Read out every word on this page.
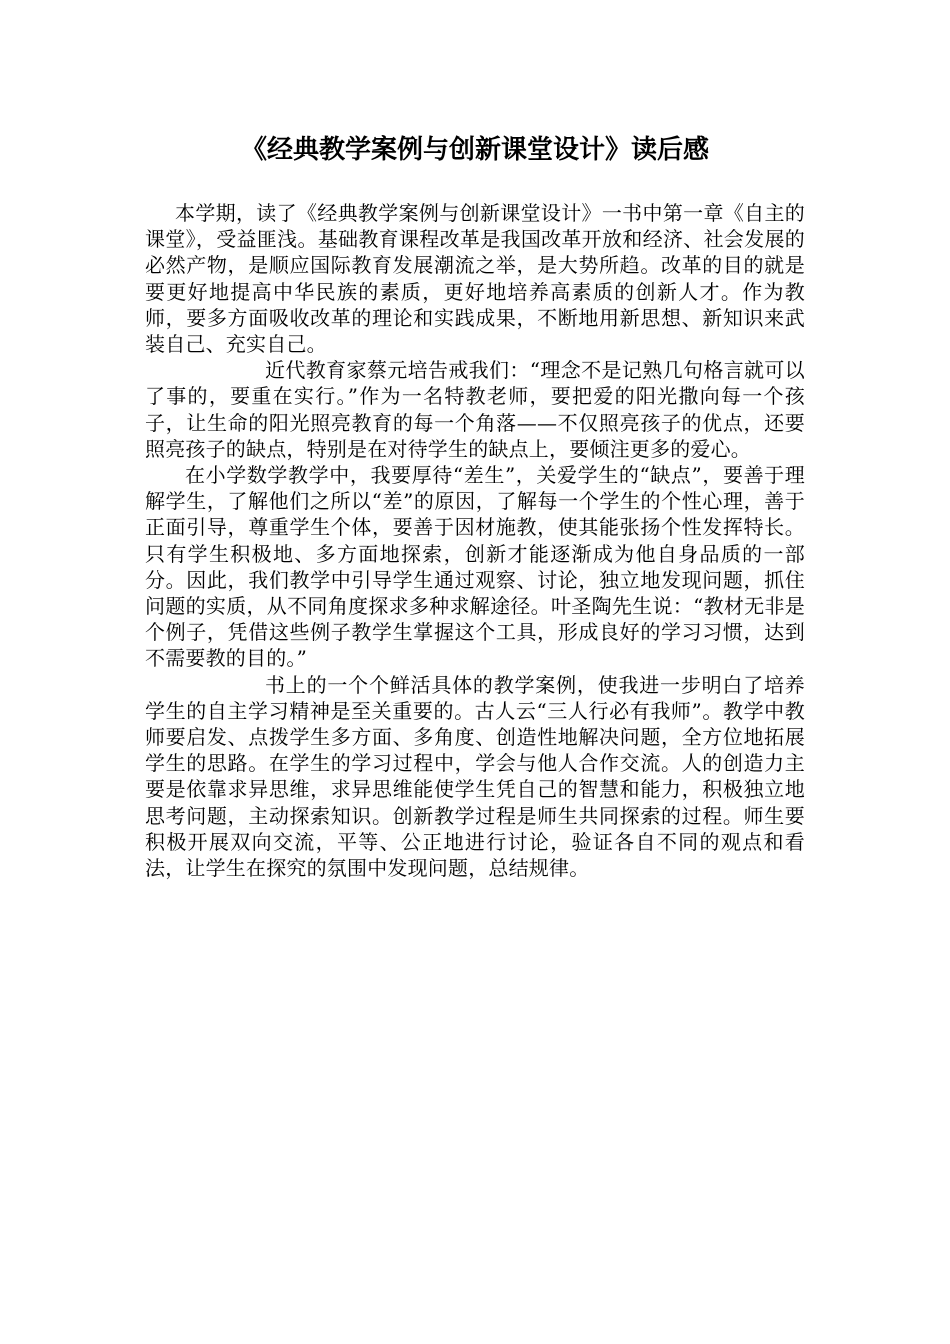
《经典教学案例与创新课堂设计》读后感

本学期，读了《经典教学案例与创新课堂设计》一书中第一章《自主的课堂》，受益匪浅。基础教育课程改革是我国改革开放和经济、社会发展的必然产物，是顺应国际教育发展潮流之举，是大势所趋。改革的目的就是要更好地提高中华民族的素质，更好地培养高素质的创新人才。作为教师，要多方面吸收改革的理论和实践成果，不断地用新思想、新知识来武装自己、充实自己。

近代教育家蔡元培告戒我们：“理念不是记熟几句格言就可以了事的，要重在实行。”作为一名特教老师，要把爱的阳光撒向每一个孩子，让生命的阳光照亮教育的每一个角落——不仅照亮孩子的优点，还要照亮孩子的缺点，特别是在对待学生的缺点上，要倾注更多的爱心。

在小学数学教学中，我要厚待“差生”，关爱学生的“缺点”，要善于理解学生，了解他们之所以“差”的原因，了解每一个学生的个性心理，善于正面引导，尊重学生个体，要善于因材施教，使其能张扬个性发挥特长。只有学生积极地、多方面地探索，创新才能逐渐成为他自身品质的一部分。因此，我们教学中引导学生通过观察、讨论，独立地发现问题，抓住问题的实质，从不同角度探求多种求解途径。叶圣陶先生说：“教材无非是个例子，凭借这些例子教学生掌握这个工具，形成良好的学习习惯，达到不需要教的目的。”

书上的一个个鲜活具体的教学案例，使我进一步明白了培养学生的自主学习精神是至关重要的。古人云“三人行必有我师”。教学中教师要启发、点拨学生多方面、多角度、创造性地解决问题，全方位地拓展学生的思路。在学生的学习过程中，学会与他人合作交流。人的创造力主要是依靠求异思维，求异思维能使学生凭自己的智慧和能力，积极独立地思考问题，主动探索知识。创新教学过程是师生共同探索的过程。师生要积极开展双向交流，平等、公正地进行讨论，验证各自不同的观点和看法，让学生在探究的氛围中发现问题，总结规律。
